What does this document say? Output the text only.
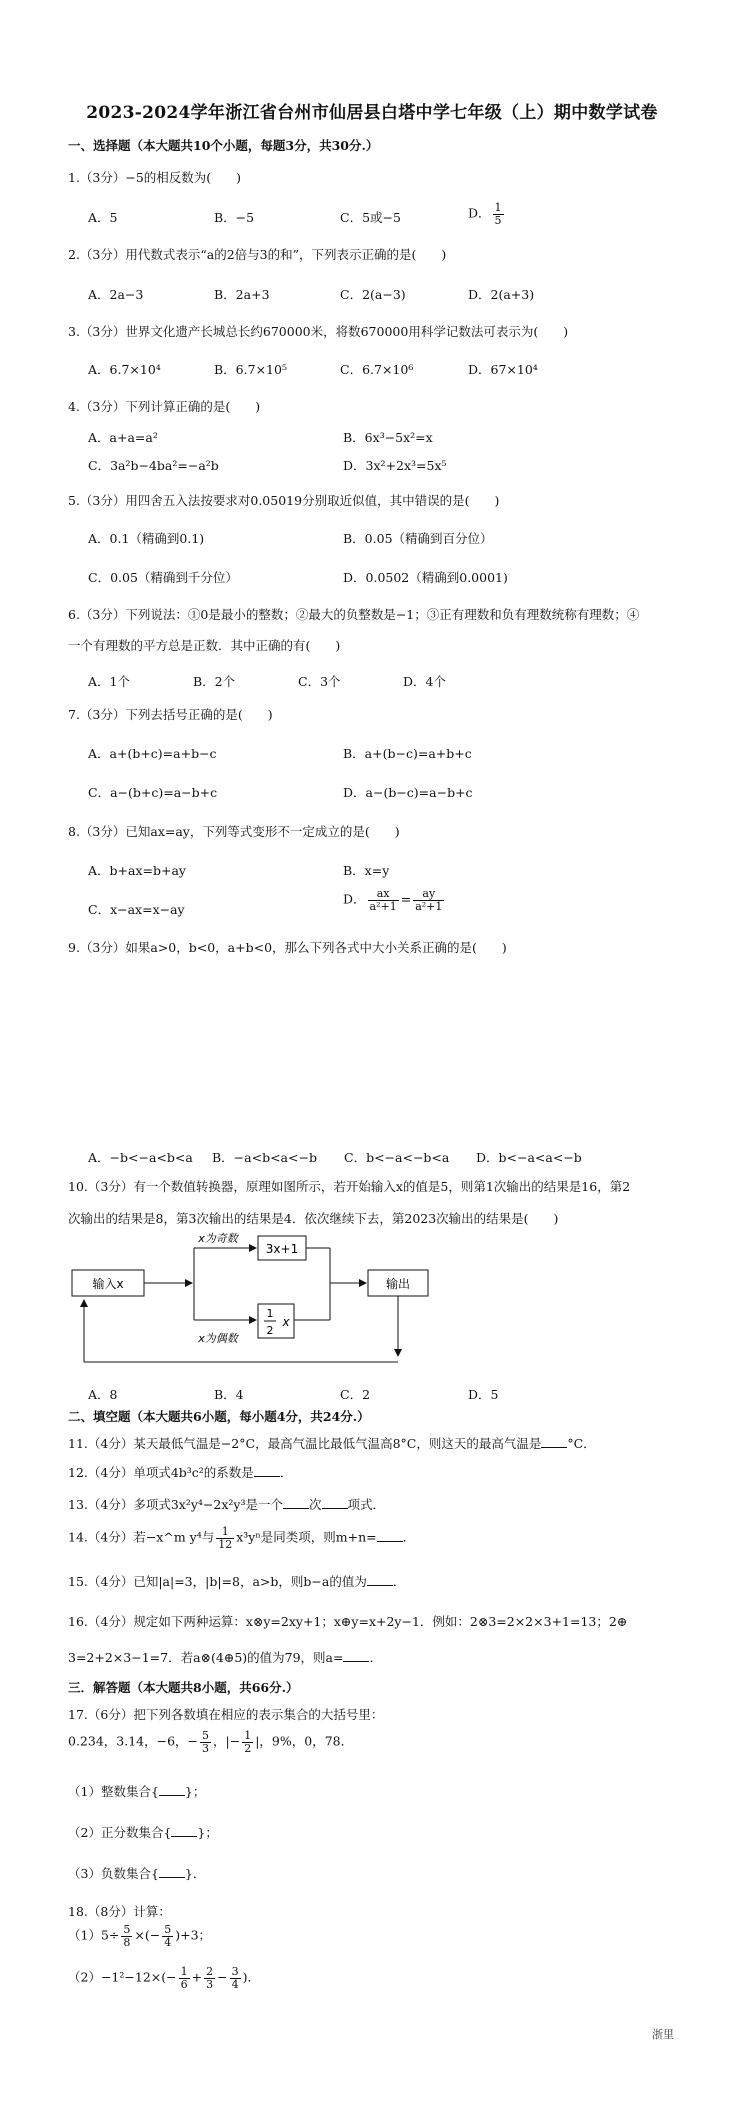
2023-2024学年浙江省台州市仙居县白塔中学七年级（上）期中数学试卷
一、选择题（本大题共10个小题，每题3分，共30分.）
1.（3分）−5的相反数为(　　)
A．5	B．−5	C．5或−5	D． $\frac{1}{5}$
2.（3分）用代数式表示“a的2倍与3的和”，下列表示正确的是(　　)
A．2a−3	B．2a+3	C．2(a−3)	D．2(a+3)
3.（3分）世界文化遗产长城总长约670000米，将数670000用科学记数法可表示为(　　)
A．6.7×10⁴	B．6.7×10⁵	C．6.7×10⁶	D．67×10⁴
4.（3分）下列计算正确的是(　　)
A．a+a=a²	B．6x³−5x²=x
C．3a²b−4ba²=−a²b	D．3x²+2x³=5x⁵
5.（3分）用四舍五入法按要求对0.05019分别取近似值，其中错误的是(　　)
A．0.1（精确到0.1)	B．0.05（精确到百分位）
C．0.05（精确到千分位）	D．0.0502（精确到0.0001)
6.（3分）下列说法：①0是最小的整数；②最大的负整数是−1；③正有理数和负有理数统称有理数；④
一个有理数的平方总是正数．其中正确的有(　　)
A．1个	B．2个	C．3个	D．4个
7.（3分）下列去括号正确的是(　　)
A．a+(b+c)=a+b−c	B．a+(b−c)=a+b+c
C．a−(b+c)=a−b+c	D．a−(b−c)=a−b+c
8.（3分）已知ax=ay，下列等式变形不一定成立的是(　　)
A．b+ax=b+ay	B．x=y
C．x−ax=x−ay
D． $\frac{ax}{\text{a²+1}} = \frac{ay}{\text{a²+1}}$
9.（3分）如果a>0，b<0，a+b<0，那么下列各式中大小关系正确的是(　　)
A．−b<−a<b<a B．−a<b<a<−b C．b<−a<−b<a D．b<−a<a<−b
10.（3分）有一个数值转换器，原理如图所示，若开始输入x的值是5，则第1次输出的结果是16，第2
次输出的结果是8，第3次输出的结果是4．依次继续下去，第2023次输出的结果是(　　)
输入x
x为奇数
3x+1
x为偶数
1
2
x
输出
A．8	B．4	C．2	D．5
二、填空题（本大题共6小题，每小题4分，共24分.）
11.（4分）某天最低气温是−2°C，最高气温比最低气温高8°C，则这天的最高气温是 °C．
12.（4分）单项式4b³c²的系数是 ．
13.（4分）多项式3x²y⁴−2x²y³是一个 次 项式．
14.（4分）若−x^m y⁴与 $\frac{1}{12} x^3y^n$是同类项，则m+n= ．
15.（4分）已知|a|=3，|b|=8，a>b，则b−a的值为 ．
16.（4分）规定如下两种运算：x⊗y=2xy+1；x⊕y=x+2y−1．例如：2⊗3=2×2×3+1=13；2⊕
3=2+2×3−1=7．若a⊗(4⊕5)的值为79，则a= ．
三．解答题（本大题共8小题，共66分.）
17.（6分）把下列各数填在相应的表示集合的大括号里：
0.234，3.14，−6，− $\frac{5}{3}$ ，|− $\frac{1}{2}$ |，9%，0，78．
（1）整数集合{ }；
（2）正分数集合{ }；
（3）负数集合{ }．
18.（8分）计算：
$(1)5\div \frac{5}{8}$ ×(− $\frac{5}{4} )+3$；
$(2)-1^2-12\times(- \frac{1}{6} + \frac{2}{3} - \frac{3}{4}$ )．
浙里
